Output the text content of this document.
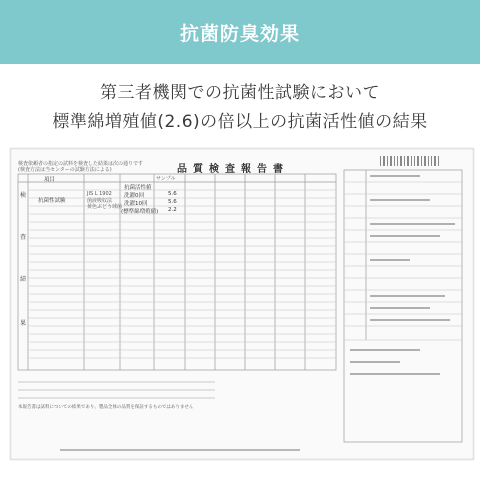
抗菌防臭効果
第三者機関での抗菌性試験において
標準綿増殖値(2.6)の倍以上の抗菌活性値の結果
品質検査報告書
検査依頼者の指定の試料を検査した結果は次の通りです
(検査方法は当センターの試験方法による)
項目	サンプル
抗菌性試験
JIS L 1902
菌液吸収法
黄色ぶどう球菌
抗菌活性値
洗濯0回	5.6
洗濯10回	5.6
(標準綿増殖値) 2.2
検
査
結
果
本報告書は試料についての結果であり、製品全体の品質を保証するものではありません
